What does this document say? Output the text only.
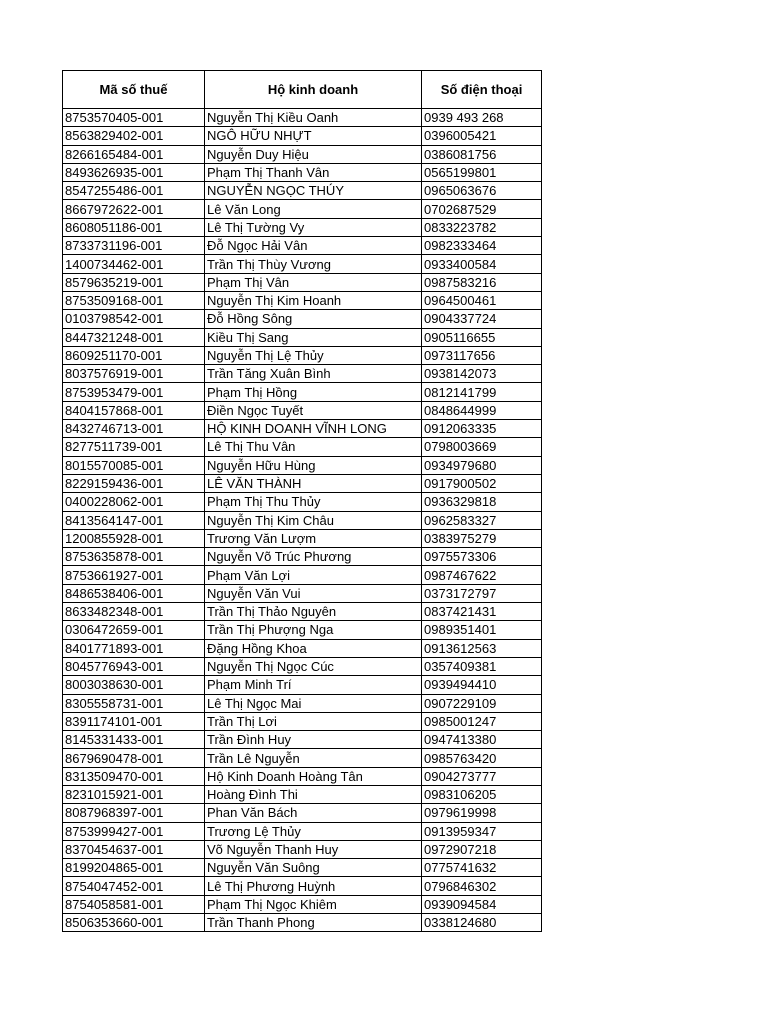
Mã số thuế	Hộ kinh doanh	Số điện thoại
8753570405-001	Nguyễn Thị Kiều Oanh	0939 493 268
8563829402-001	NGÔ HỮU NHỰT	0396005421
8266165484-001	Nguyễn Duy Hiệu	0386081756
8493626935-001	Phạm Thị Thanh Vân	0565199801
8547255486-001	NGUYỄN NGỌC THÚY	0965063676
8667972622-001	Lê Văn Long	0702687529
8608051186-001	Lê Thị Tường Vy	0833223782
8733731196-001	Đỗ Ngọc Hải Vân	0982333464
1400734462-001	Trần Thị Thùy Vương	0933400584
8579635219-001	Phạm Thị Vân	0987583216
8753509168-001	Nguyễn Thị Kim Hoanh	0964500461
0103798542-001	Đỗ Hồng Sông	0904337724
8447321248-001	Kiều Thị Sang	0905116655
8609251170-001	Nguyễn Thị Lệ Thủy	0973117656
8037576919-001	Trần Tăng Xuân Bình	0938142073
8753953479-001	Phạm Thị Hồng	0812141799
8404157868-001	Điền Ngọc Tuyết	0848644999
8432746713-001	HỘ KINH DOANH VĨNH LONG	0912063335
8277511739-001	Lê Thị Thu Vân	0798003669
8015570085-001	Nguyễn Hữu Hùng	0934979680
8229159436-001	LÊ VĂN THÀNH	0917900502
0400228062-001	Phạm Thị Thu Thủy	0936329818
8413564147-001	Nguyễn Thị Kim Châu	0962583327
1200855928-001	Trương Văn Lượm	0383975279
8753635878-001	Nguyễn Võ Trúc Phương	0975573306
8753661927-001	Phạm Văn Lợi	0987467622
8486538406-001	Nguyễn Văn Vui	0373172797
8633482348-001	Trần Thị Thảo Nguyên	0837421431
0306472659-001	Trần Thị Phượng Nga	0989351401
8401771893-001	Đặng Hồng Khoa	0913612563
8045776943-001	Nguyễn Thị Ngọc Cúc	0357409381
8003038630-001	Phạm Minh Trí	0939494410
8305558731-001	Lê Thị Ngọc Mai	0907229109
8391174101-001	Trần Thị Lơi	0985001247
8145331433-001	Trần Đình Huy	0947413380
8679690478-001	Trần Lê Nguyễn	0985763420
8313509470-001	Hộ Kinh Doanh Hoàng Tân	0904273777
8231015921-001	Hoàng Đình Thi	0983106205
8087968397-001	Phan Văn Bách	0979619998
8753999427-001	Trương Lệ Thủy	0913959347
8370454637-001	Võ Nguyễn Thanh Huy	0972907218
8199204865-001	Nguyễn Văn Suông	0775741632
8754047452-001	Lê Thị Phương Huỳnh	0796846302
8754058581-001	Phạm Thị Ngọc Khiêm	0939094584
8506353660-001	Trần Thanh Phong	0338124680
